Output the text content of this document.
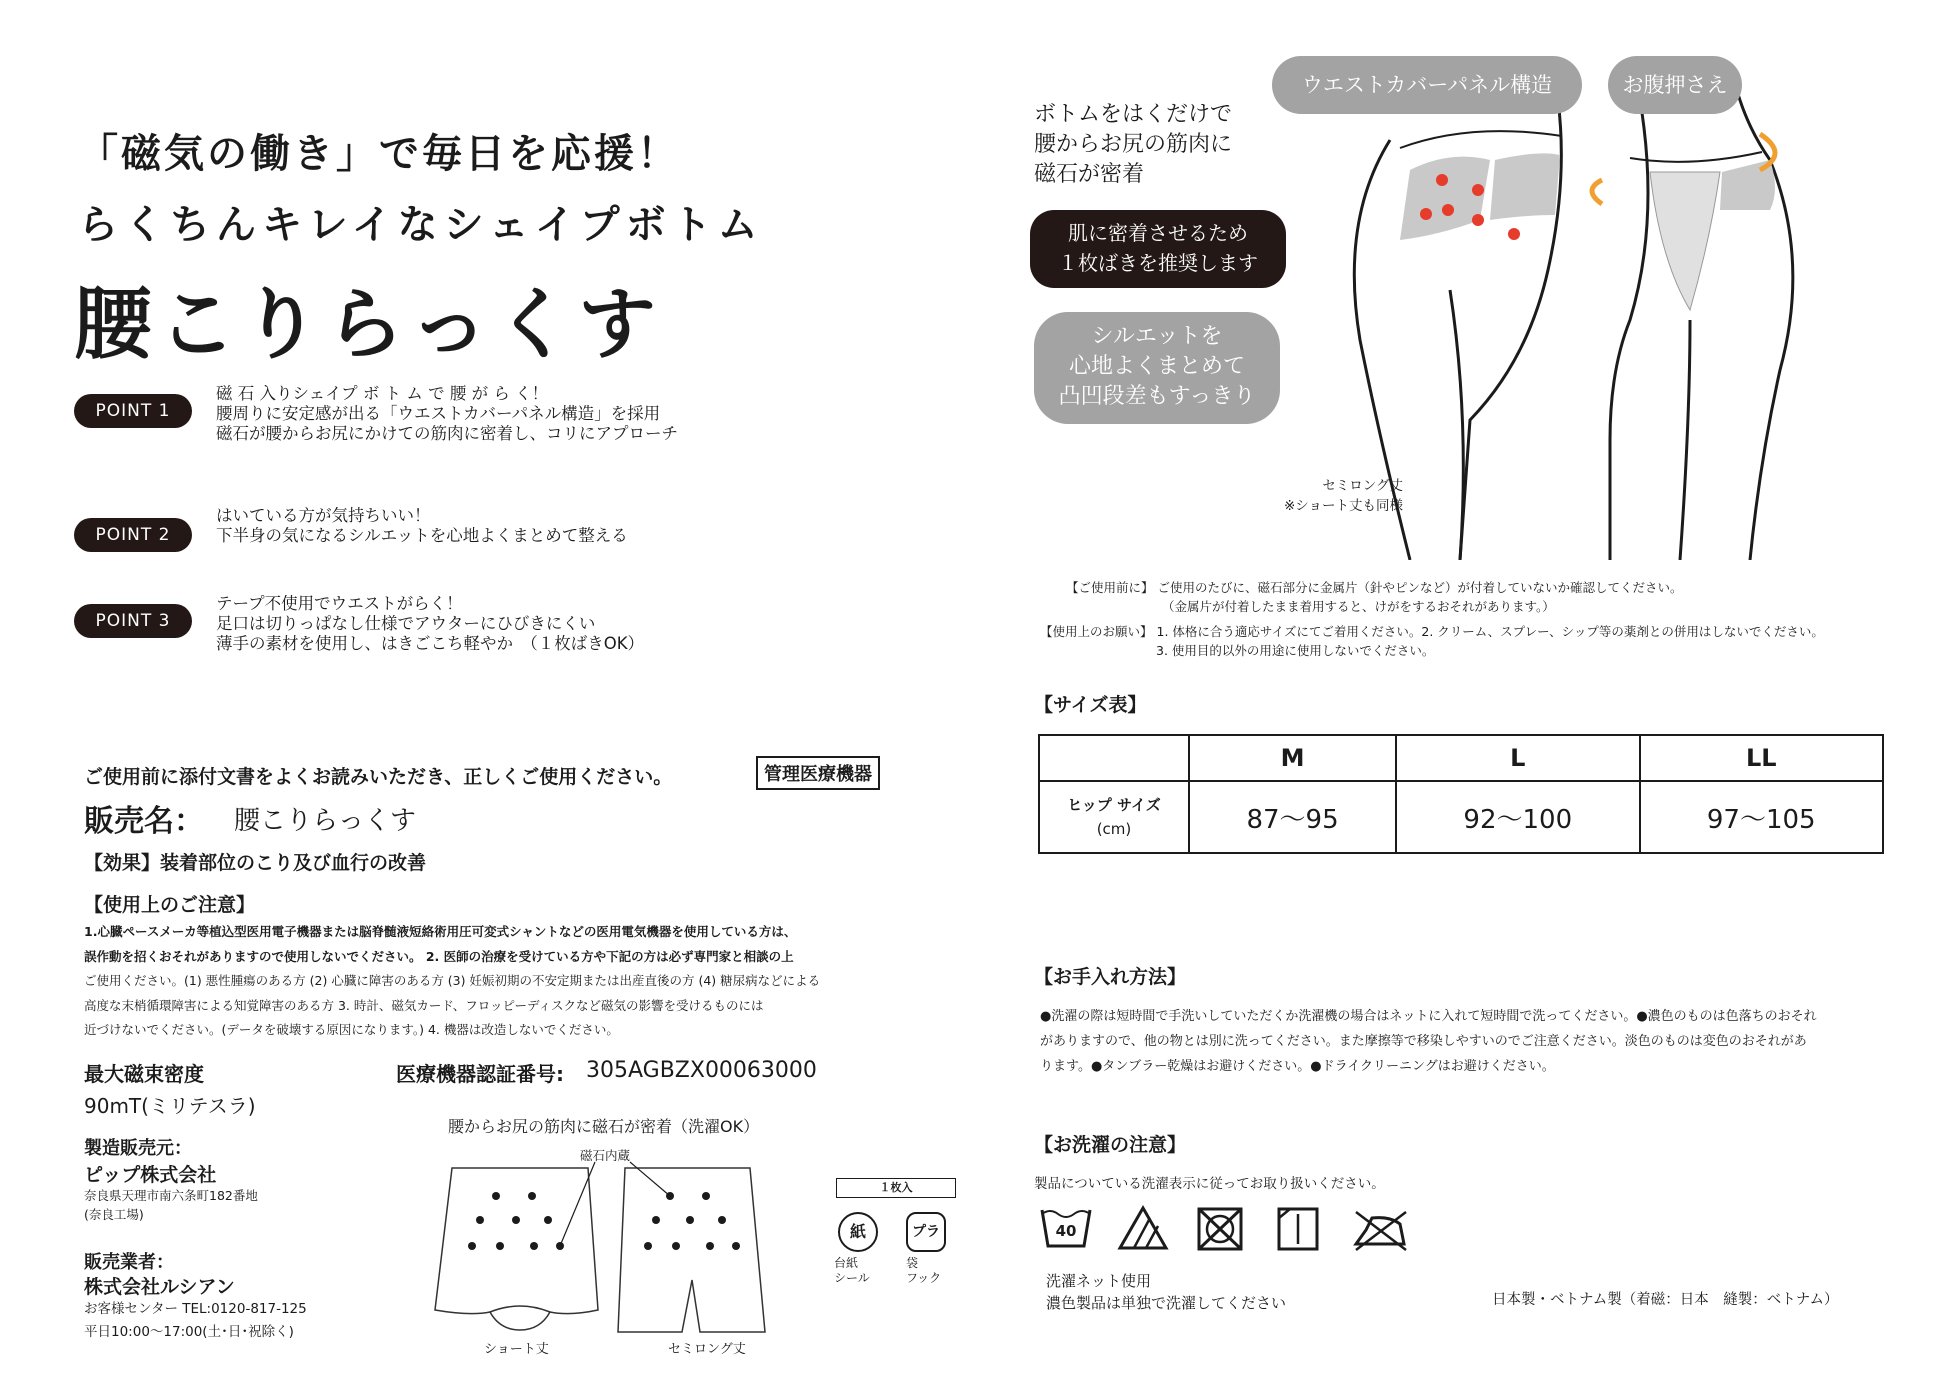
「磁気の働き」で毎日を応援！
らくちんキレイなシェイプボトム
腰こりらっくす
POINT 1
磁 石 入りシェイプ ボ ト ム で 腰 が ら く！
腰周りに安定感が出る「ウエストカバーパネル構造」を採用
磁石が腰からお尻にかけての筋肉に密着し、コリにアプローチ
POINT 2
はいている方が気持ちいい！
下半身の気になるシルエットを心地よくまとめて整える
POINT 3
テープ不使用でウエストがらく！
足口は切りっぱなし仕様でアウターにひびきにくい
薄手の素材を使用し、はきごこち軽やか　（１枚ばきOK）
ご使用前に添付文書をよくお読みいただき、正しくご使用ください。	管理医療機器
販売名： 腰こりらっくす
【効果】装着部位のこり及び血行の改善
【使用上のご注意】
1.心臓ペースメーカ等植込型医用電子機器または脳脊髄液短絡術用圧可変式シャントなどの医用電気機器を使用している方は、
誤作動を招くおそれがありますので使用しないでください。 2. 医師の治療を受けている方や下記の方は必ず専門家と相談の上
ご使用ください。(1) 悪性腫瘍のある方 (2) 心臓に障害のある方 (3) 妊娠初期の不安定期または出産直後の方 (4) 糖尿病などによる
高度な末梢循環障害による知覚障害のある方 3. 時計、磁気カード、フロッピーディスクなど磁気の影響を受けるものには
近づけないでください。(データを破壊する原因になります。) 4. 機器は改造しないでください。
最大磁束密度
90mT(ミリテスラ)
医療機器認証番号: 305AGBZX00063000
製造販売元：
ピップ株式会社
奈良県天理市南六条町182番地
(奈良工場)
販売業者：
株式会社ルシアン
お客様センター TEL:0120-817-125
平日10:00～17:00(土･日･祝除く)
腰からお尻の筋肉に磁石が密着（洗濯OK）
磁石内蔵
ショート丈	セミロング丈
１枚入
紙	プラ
台紙
シール
袋
フック
ウエストカバーパネル構造	お腹押さえ
ボトムをはくだけで
腰からお尻の筋肉に
磁石が密着
肌に密着させるため
１枚ばきを推奨します
シルエットを
心地よくまとめて
凸凹段差もすっきり
セミロング丈
※ショート丈も同様
【ご使用前に】 ご使用のたびに、磁石部分に金属片（針やピンなど）が付着していないか確認してください。
（金属片が付着したまま着用すると、けがをするおそれがあります。）
【使用上のお願い】 1. 体格に合う適応サイズにてご着用ください。2. クリーム、スプレー、シップ等の薬剤との併用はしないでください。
3. 使用目的以外の用途に使用しないでください。
【サイズ表】
	M	L	LL

ヒップ サイズ
(cm)	87～95	92～100	97～105
【お手入れ方法】
●洗濯の際は短時間で手洗いしていただくか洗濯機の場合はネットに入れて短時間で洗ってください。●濃色のものは色落ちのおそれ
がありますので、他の物とは別に洗ってください。また摩擦等で移染しやすいのでご注意ください。淡色のものは変色のおそれがあ
ります。●タンブラー乾燥はお避けください。●ドライクリーニングはお避けください。
【お洗濯の注意】
製品についている洗濯表示に従ってお取り扱いください。
40
洗濯ネット使用
濃色製品は単独で洗濯してください	日本製・ベトナム製（着磁：日本　縫製：ベトナム）
